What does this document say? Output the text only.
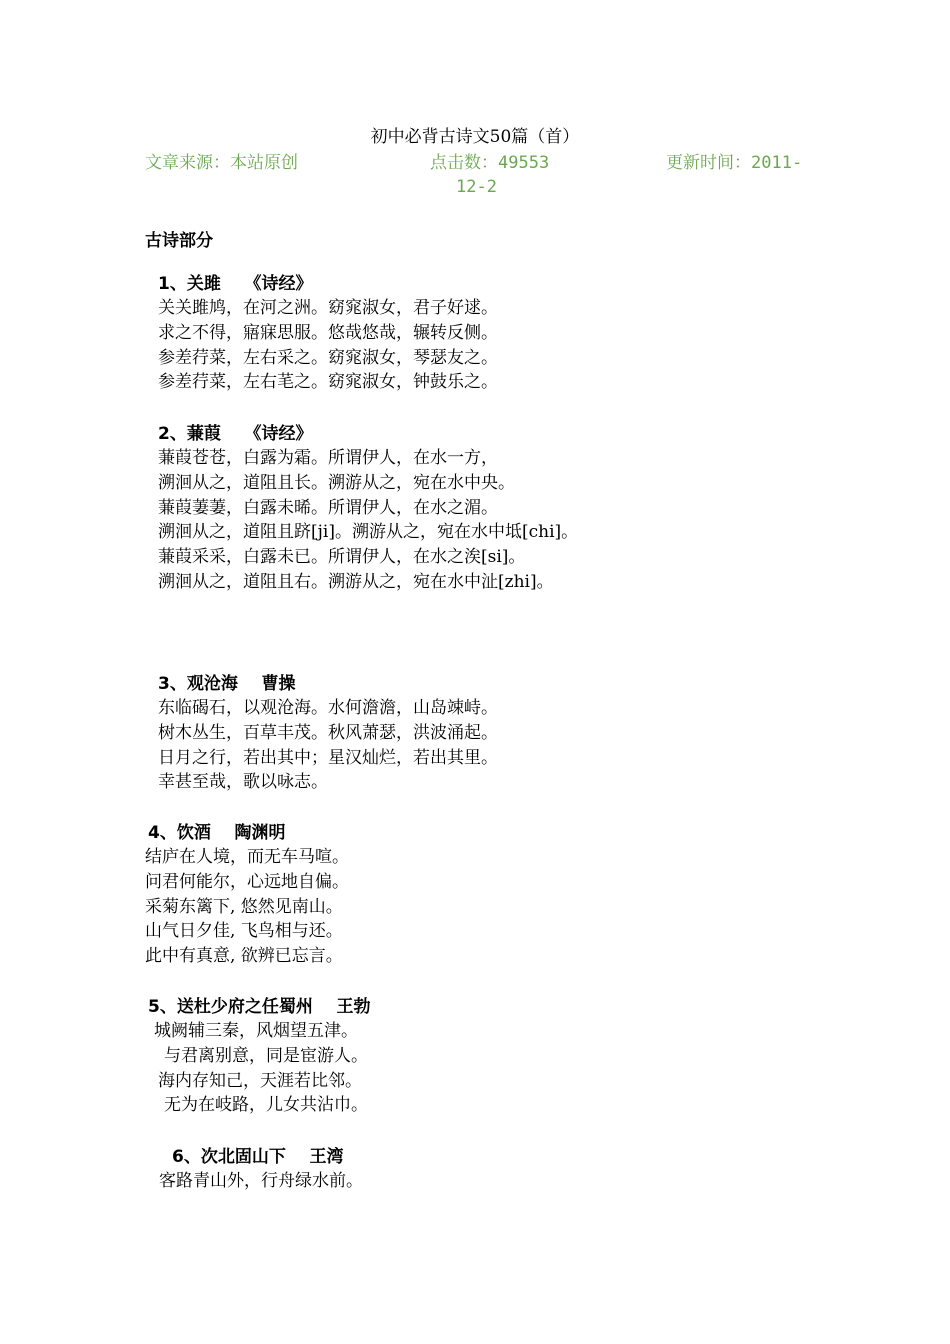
初中必背古诗文50篇（首）
文章来源：本站原创	点击数：49553	更新时间：2011-
12-2
古诗部分
1、关雎    《诗经》
关关雎鸠，在河之洲。窈窕淑女，君子好逑。
求之不得，寤寐思服。悠哉悠哉，辗转反侧。
参差荇菜，左右采之。窈窕淑女，琴瑟友之。
参差荇菜，左右芼之。窈窕淑女，钟鼓乐之。
2、蒹葭    《诗经》
蒹葭苍苍，白露为霜。所谓伊人，在水一方，
溯洄从之，道阻且长。溯游从之，宛在水中央。
蒹葭萋萋，白露未晞。所谓伊人，在水之湄。
溯洄从之，道阻且跻[ji]。溯游从之，宛在水中坻[chi]。
蒹葭采采，白露未已。所谓伊人，在水之涘[si]。
溯洄从之，道阻且右。溯游从之，宛在水中沚[zhi]。
3、观沧海    曹操
东临碣石，以观沧海。水何澹澹，山岛竦峙。
树木丛生，百草丰茂。秋风萧瑟，洪波涌起。
日月之行，若出其中；星汉灿烂，若出其里。
幸甚至哉，歌以咏志。
4、饮酒    陶渊明
结庐在人境，而无车马喧。
问君何能尔，心远地自偏。
采菊东篱下, 悠然见南山。
山气日夕佳, 飞鸟相与还。
此中有真意, 欲辨已忘言。
5、送杜少府之任蜀州    王勃
城阙辅三秦，风烟望五津。
与君离别意，同是宦游人。
海内存知己，天涯若比邻。
无为在岐路，儿女共沾巾。
6、次北固山下    王湾
客路青山外，行舟绿水前。
